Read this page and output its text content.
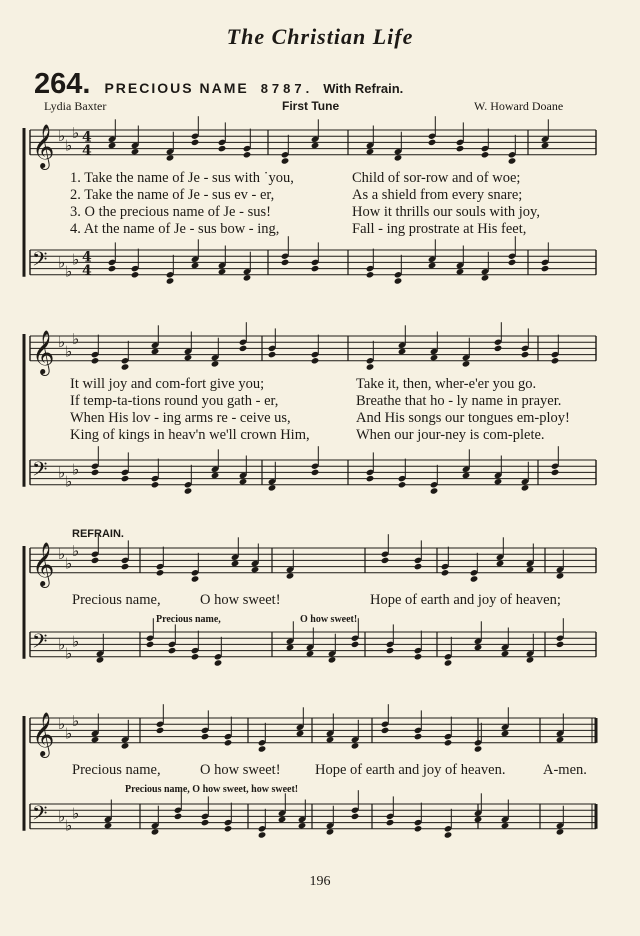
The Christian Life
264. PRECIOUS NAME 8787. With Refrain.
Lydia Baxter	First Tune	W. Howard Doane
𝄞 ♭
♭
♭ 4
4
𝄢 ♭
♭
♭ 4
4
𝄞 ♭
♭
♭
𝄢 ♭
♭
♭
𝄞 ♭
♭
♭
𝄢 ♭
♭
♭
𝄞 ♭
♭
♭
𝄢 ♭
♭
♭
1. Take the name of Je - sus with ˙you,
2. Take the name of Je - sus ev - er,
3. O the precious name of Je - sus!
4. At the name of Je - sus bow - ing,
Child of sor-row and of woe;
As a shield from every snare;
How it thrills our souls with joy,
Fall - ing prostrate at His feet,
It will joy and com-fort give you;
If temp-ta-tions round you gath - er,
When His lov - ing arms re - ceive us,
King of kings in heav'n we'll crown Him,
Take it, then, wher-e'er you go.
Breathe that ho - ly name in prayer.
And His songs our tongues em-ploy!
When our jour-ney is com-plete.
REFRAIN.
Precious name,	O how sweet!	Hope of earth and joy of heaven;
Precious name,	O how sweet!
Precious name,	O how sweet! Hope of earth and joy of heaven.	A-men.
Precious name, O how sweet, how sweet!
196
